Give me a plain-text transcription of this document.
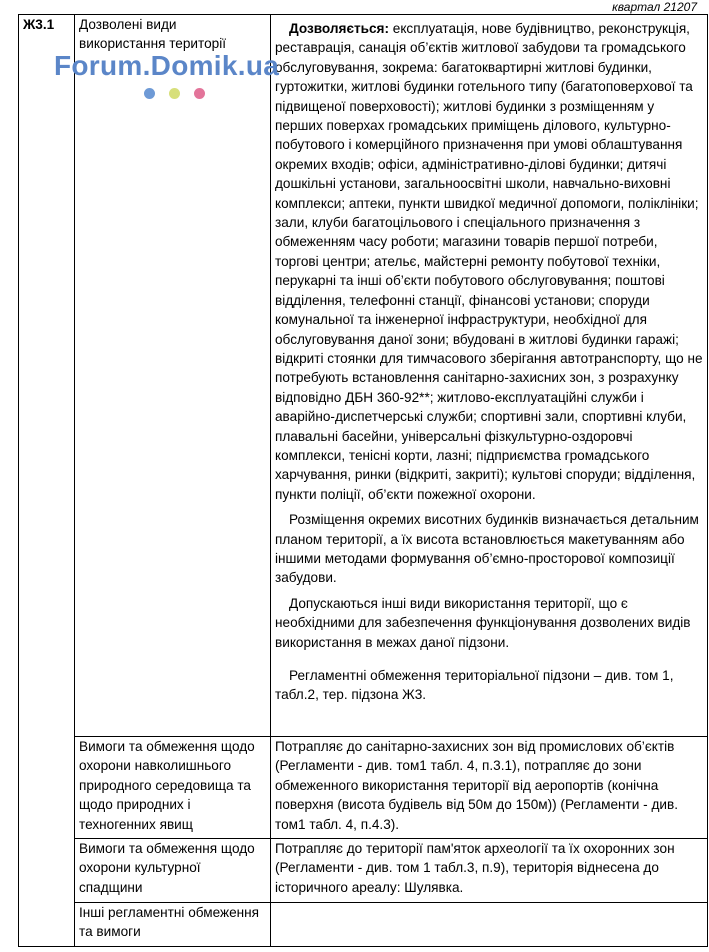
квартал 21207
Forum.Domik.ua
Ж3.1	Дозволені види використання території	Дозволяється: експлуатація, нове будівництво, реконструкція, реставрація, санація об’єктів житлової забудови та громадського обслуговування, зокрема: багатоквартирні житлові будинки, гуртожитки, житлові будинки готельного типу (багатоповерхової та підвищеної поверховості); житлові будинки з розміщенням у перших поверхах громадських приміщень ділового, культурно-побутового і комерційного призначення при умові облаштування окремих входів; офіси, адміністративно-ділові будинки; дитячі дошкільні установи, загальноосвітні школи, навчально-виховні комплекси; аптеки, пункти швидкої медичної допомоги, поліклініки; зали, клуби багатоцільового і спеціального призначення з обмеженням часу роботи; магазини товарів першої потреби, торгові центри; ательє, майстерні ремонту побутової техніки, перукарні та інші об’єкти побутового обслуговування; поштові відділення, телефонні станції, фінансові установи; споруди комунальної та інженерної інфраструктури, необхідної для обслуговування даної зони; вбудовані в житлові будинки гаражі; відкриті стоянки для тимчасового зберігання автотранспорту, що не потребують встановлення санітарно-захисних зон, з розрахунку відповідно ДБН 360-92**; житлово-експлуатаційні служби і аварійно-диспетчерські служби; спортивні зали, спортивні клуби, плавальні басейни, універсальні фізкультурно-оздоровчі комплекси, тенісні корти, лазні; підприємства громадського харчування, ринки (відкриті, закриті); культові споруди; відділення, пункти поліції, об’єкти пожежної охорони.

Розміщення окремих висотних будинків визначається детальним планом території, а їх висота встановлюється макетуванням або іншими методами формування об’ємно-просторової композиції забудови.

Допускаються інші види використання території, що є необхідними для забезпечення функціонування дозволених видів використання в межах даної підзони.

Регламентні обмеження територіальної підзони – див. том 1, табл.2, тер. підзона Ж3.

	Вимоги та обмеження щодо охорони навколишнього природного середовища та щодо природних і техногенних явищ	Потрапляє до санітарно-захисних зон від промислових об’єктів (Регламенти - див. том1 табл. 4, п.3.1), потрапляє до зони обмеженного використання території від аеропортів (конічна поверхня (висота будівель від 50м до 150м)) (Регламенти - див. том1 табл. 4, п.4.3).
	Вимоги та обмеження щодо охорони культурної спадщини	Потрапляє до території пам'яток археології та їх охоронних зон (Регламенти - див. том 1 табл.3, п.9), територія віднесена до історичного ареалу: Шулявка.
	Інші регламентні обмеження та вимоги	
